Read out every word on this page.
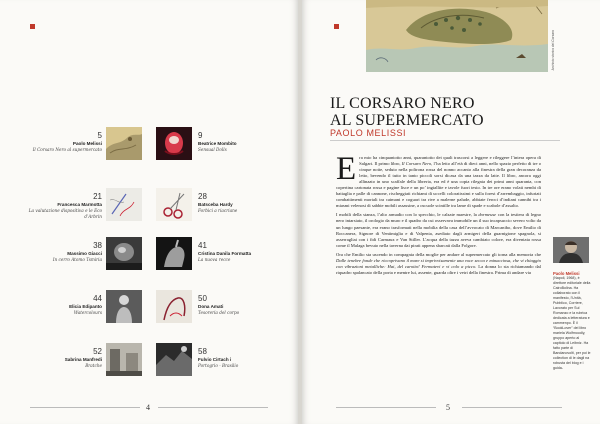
5
Paolo Melissi
Il Corsaro Nero al supermercato
9
Beatrice Mombito
Sensual Dolls
21
Francesca Marmotta
La valutazione dispositiva e le Eco d’Arbrin
28
Batsceba Hardy
Forbici a riacriane
38
Massimo Giacci
In cerro Atomo Tsmiria
41
Cristina Danila Formatta
La nuova recce
44
Elicia Edipanto
Watercolours
50
Dona Amati
Tesoreria del corpo
52
Sabrina Manfredi
Bratche
58
Fulvio Cirtach i
Portogrio - Brasilio
4
Archivio storico del Corsaro
IL CORSARO NERO
AL SUPERMERCATO
PAOLO MELISSI

Era mio ha cinquantotto anni, quarantotto dei quali trascorsi a leggere e rileggere l’intera opera di Salgari. Il primo libro, Il Corsaro Nero, l’ha letto all’età di dieci anni, nello spazio perfetto di tre o cinque notte, seduto nella poltrona rossa del nonno accanto alla finestra della gran decoranza da letto, bevendo il tutto in tanto piccoli sorsi dicasa da una tazza da latte. Il libro, ancora oggi allinaato in uno scaffale della libreria, era ed è una copia rilegata dei primi anni quaranta, con copertina cartonata rossa e pagine lisce e un po’ ingiallite e tavole fuori testo. In tre ore erano volati nembi di battaglia e palle di cannone, rischeggiati richiami di uccelli coloratissimi e sulla forest d’arrembaggio, infuriati combattimenti mortali tra caimani e coguari tra rive a malerne palude, abbiate feroci d’indiani cannibi tra i miasmi velenosi di sabbie mobili assassine, a oscuole scintille tra lame di spade e scabole d’assalto.

I mobili della stanza, l’alto armadio con lo specchio, le calzate maestre, la dormeuse con la testiera di legno nero intarsiato, il orologio da muro e il quadro da cui osservava immobile un il suo incapsuccio severo volto da un lungo paesante, era erano trasformati nella mobilia della casa dell’avvocato di Marcanibo, dove Emilio di Roccanera, Signore di Ventimiglia e di Valpenta, asediato dagli armigeri della guarnigione spagnola, si asserragliai con i fidi Carmaux e Van Stiller. L’acqua della tazza aveva cambiato colore, era diventata rossa come il Malaga bevuto nella taverna dai pirati appena sbarcati dalla Folgore.

Ora che Emilio sta uscendo in compagnia della moglie per andare al supermercato gli torna alla memoria che Dalle tenebre fonde che riccoprivano il mare si imprivvisamente una voce secca e minacciosa, che vi chiaggio con vibrazioni metalliche: Hai, del carotto! Fermatevi e vi colo a picco. La donna lo sta richiamando dal riquadro spalancato della porta e mentre lui, assente, guarda oltre i vetri della finestra. Prima di andare via	Paolo Melissi
(Napoli, 1968), è direttore editoriale della CairoBolina. Ha collaborato con il manifesto, l’Unità, Pubblico, Corriere, Lavorato per Sul Romanzo e la rubrica dedicata a letteratura e cammenpo. È il “BookLover” del libro mariela Wolfmoodly, gruppo aperto al capitolo di Leibniz. Ha fatto parte di Bandanovolti, per poi le collection di le dagli na robusta del blog e i guida-
5
